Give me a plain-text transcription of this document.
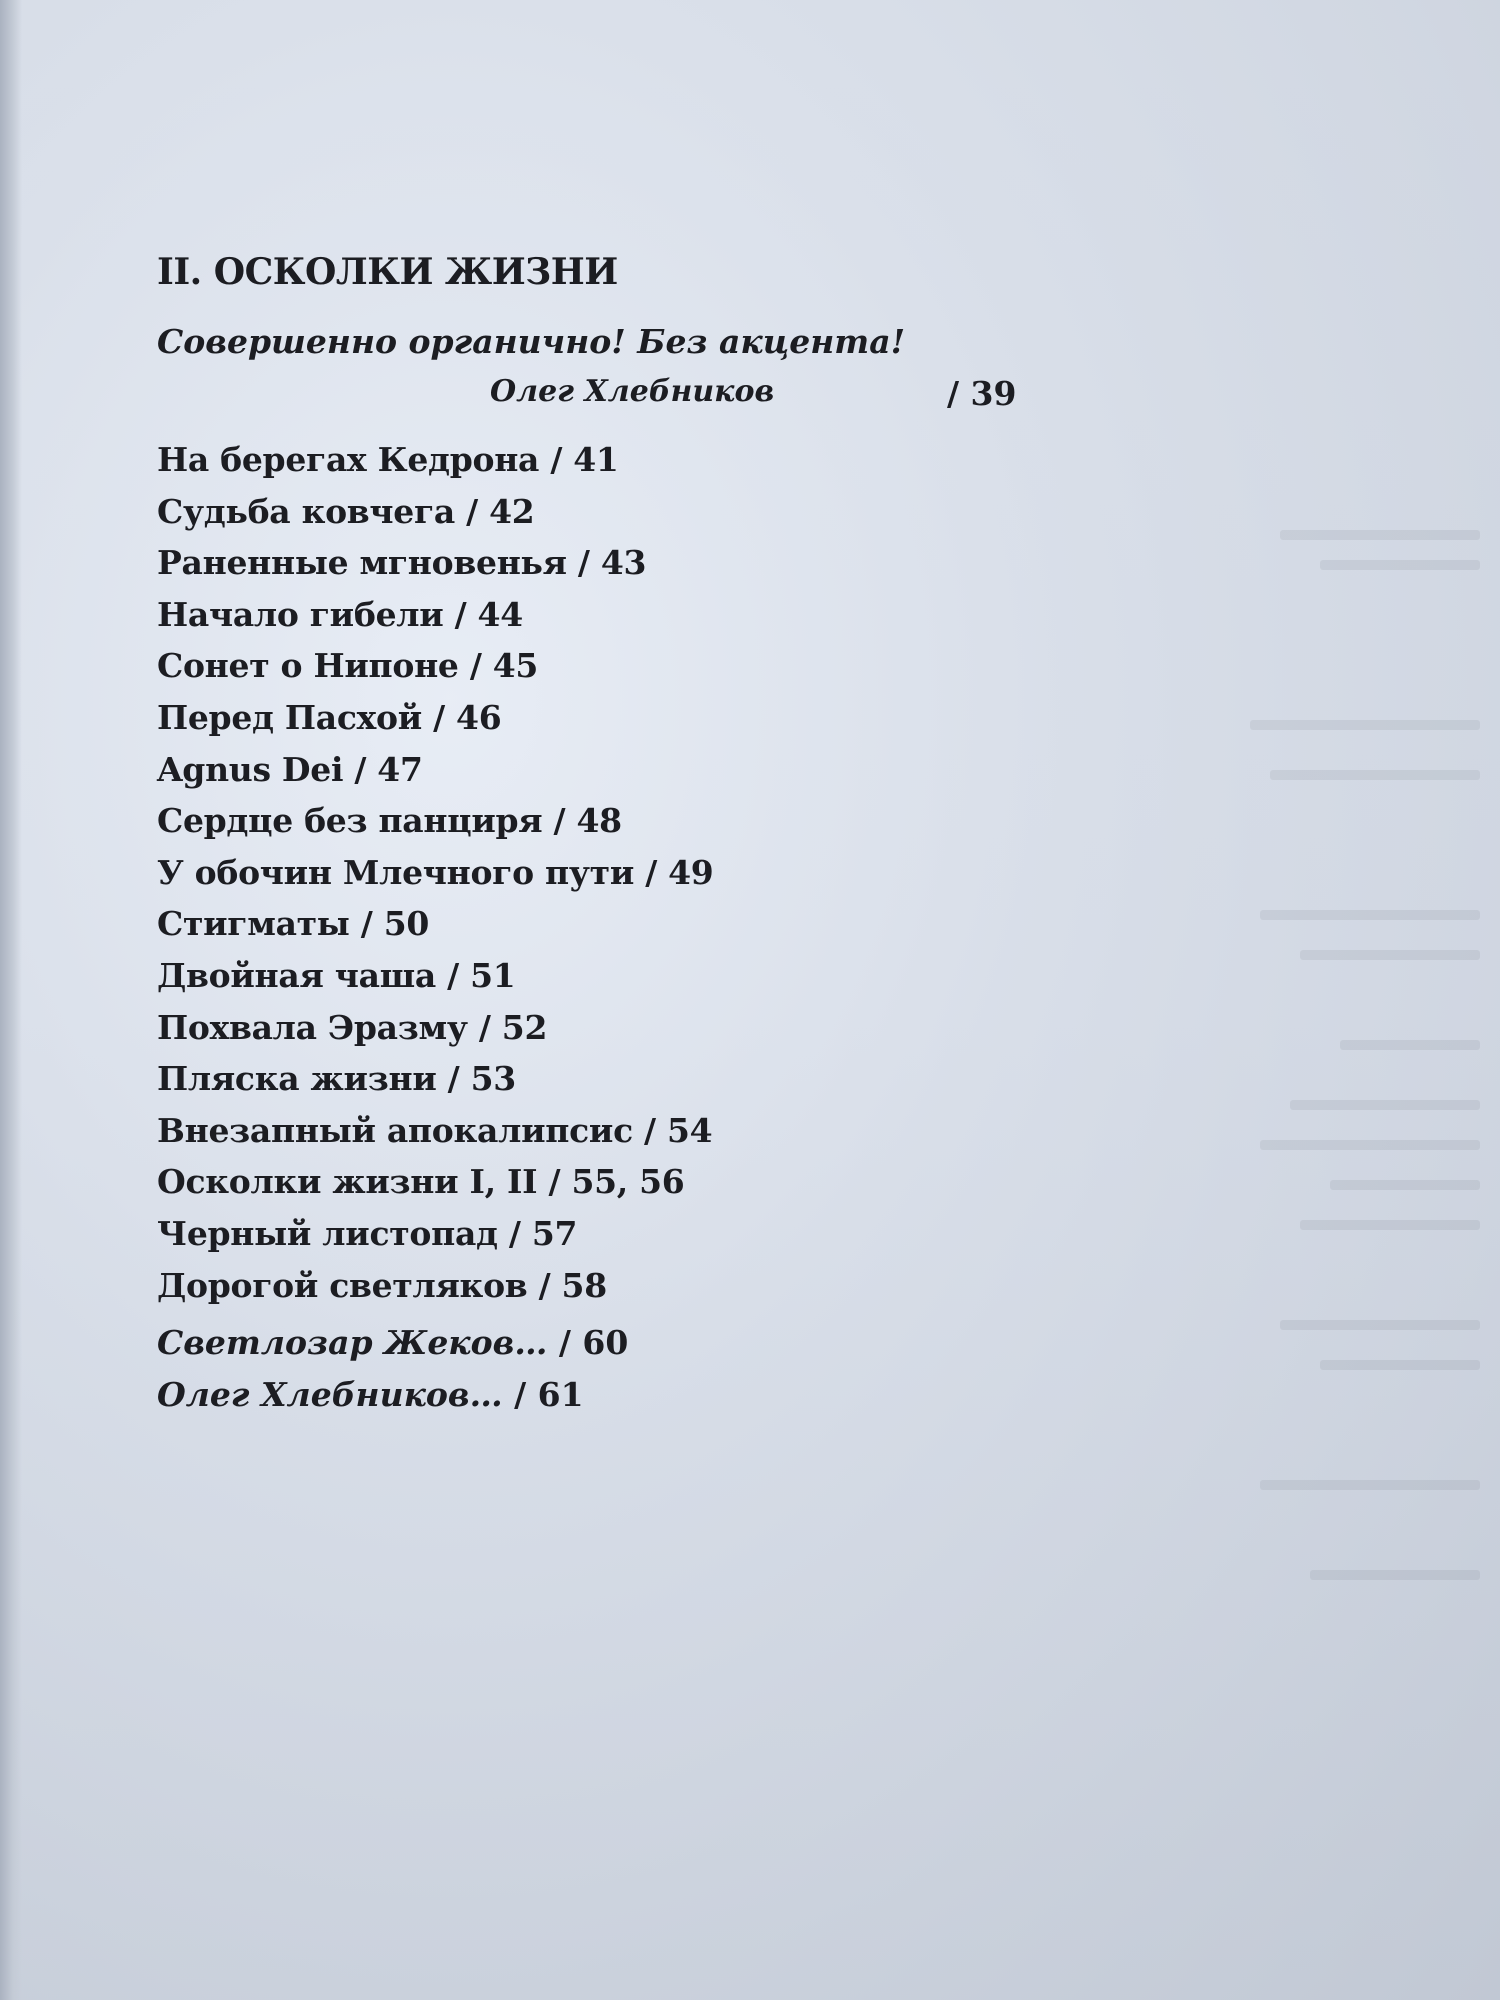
II. ОСКОЛКИ ЖИЗНИ
Совершенно органично! Без акцента!
Олег Хлебников	/ 39
На берегах Кедрона / 41
Судьба ковчега / 42
Раненные мгновенья / 43
Начало гибели / 44
Сонет о Нипоне / 45
Перед Пасхой / 46
Agnus Dei / 47
Сердце без панциря / 48
У обочин Млечного пути / 49
Стигматы / 50
Двойная чаша / 51
Похвала Эразму / 52
Пляска жизни / 53
Внезапный апокалипсис / 54
Осколки жизни I, II / 55, 56
Черный листопад / 57
Дорогой светляков / 58
Светлозар Жеков… / 60
Олег Хлебников… / 61
